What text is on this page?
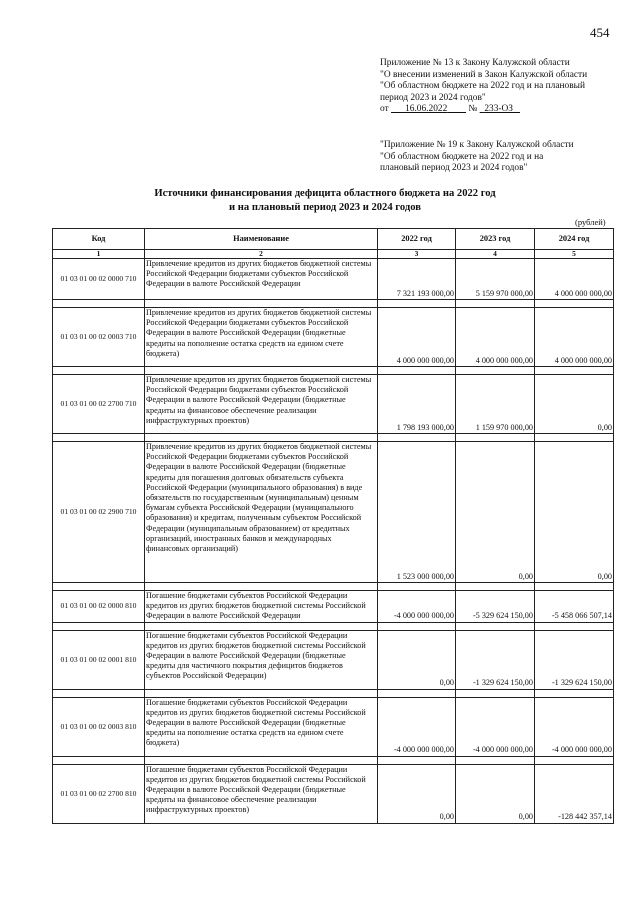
454
Приложение № 13 к Закону Калужской области
"О внесении изменений в Закон Калужской области
"Об областном бюджете на 2022 год и на плановый
период 2023 и 2024 годов"
от 16.06.2022 № 233-ОЗ
"Приложение № 19 к Закону Калужской области
"Об областном бюджете на 2022 год и на
плановый период 2023 и 2024 годов"
Источники финансирования дефицита областного бюджета на 2022 год
и на плановый период 2023 и 2024 годов
(рублей)
Код	Наименование	2022 год	2023 год	2024 год
1	2	3	4	5
01 03 01 00 02 0000 710	Привлечение кредитов из других бюджетов бюджетной системы Российской Федерации бюджетами субъектов Российской Федерации в валюте Российской Федерации	7 321 193 000,00	5 159 970 000,00	4 000 000 000,00

01 03 01 00 02 0003 710	Привлечение кредитов из других бюджетов бюджетной системы Российской Федерации бюджетами субъектов Российской Федерации в валюте Российской Федерации (бюджетные кредиты на пополнение остатка средств на едином счете бюджета)	4 000 000 000,00	4 000 000 000,00	4 000 000 000,00

01 03 01 00 02 2700 710	Привлечение кредитов из других бюджетов бюджетной системы Российской Федерации бюджетами субъектов Российской Федерации в валюте Российской Федерации (бюджетные кредиты на финансовое обеспечение реализации инфраструктурных проектов)	1 798 193 000,00	1 159 970 000,00	0,00

01 03 01 00 02 2900 710	Привлечение кредитов из других бюджетов бюджетной системы Российской Федерации бюджетами субъектов Российской Федерации в валюте Российской Федерации (бюджетные кредиты для погашения долговых обязательств субъекта Российской Федерации (муниципального образования) в виде обязательств по государственным (муниципальным) ценным бумагам субъекта Российской Федерации (муниципального образования) и кредитам, полученным субъектом Российской Федерации (муниципальным образованием) от кредитных организаций, иностранных банков и международных финансовых организаций)	1 523 000 000,00	0,00	0,00

01 03 01 00 02 0000 810	Погашение бюджетами субъектов Российской Федерации кредитов из других бюджетов бюджетной системы Российской Федерации в валюте Российской Федерации	-4 000 000 000,00	-5 329 624 150,00	-5 458 066 507,14

01 03 01 00 02 0001 810	Погашение бюджетами субъектов Российской Федерации кредитов из других бюджетов бюджетной системы Российской Федерации в валюте Российской Федерации (бюджетные кредиты для частичного покрытия дефицитов бюджетов субъектов Российской Федерации)	0,00	-1 329 624 150,00	-1 329 624 150,00

01 03 01 00 02 0003 810	Погашение бюджетами субъектов Российской Федерации кредитов из других бюджетов бюджетной системы Российской Федерации в валюте Российской Федерации (бюджетные кредиты на пополнение остатка средств на едином счете бюджета)	-4 000 000 000,00	-4 000 000 000,00	-4 000 000 000,00

01 03 01 00 02 2700 810	Погашение бюджетами субъектов Российской Федерации кредитов из других бюджетов бюджетной системы Российской Федерации в валюте Российской Федерации (бюджетные кредиты на финансовое обеспечение реализации инфраструктурных проектов)	0,00	0,00	-128 442 357,14
